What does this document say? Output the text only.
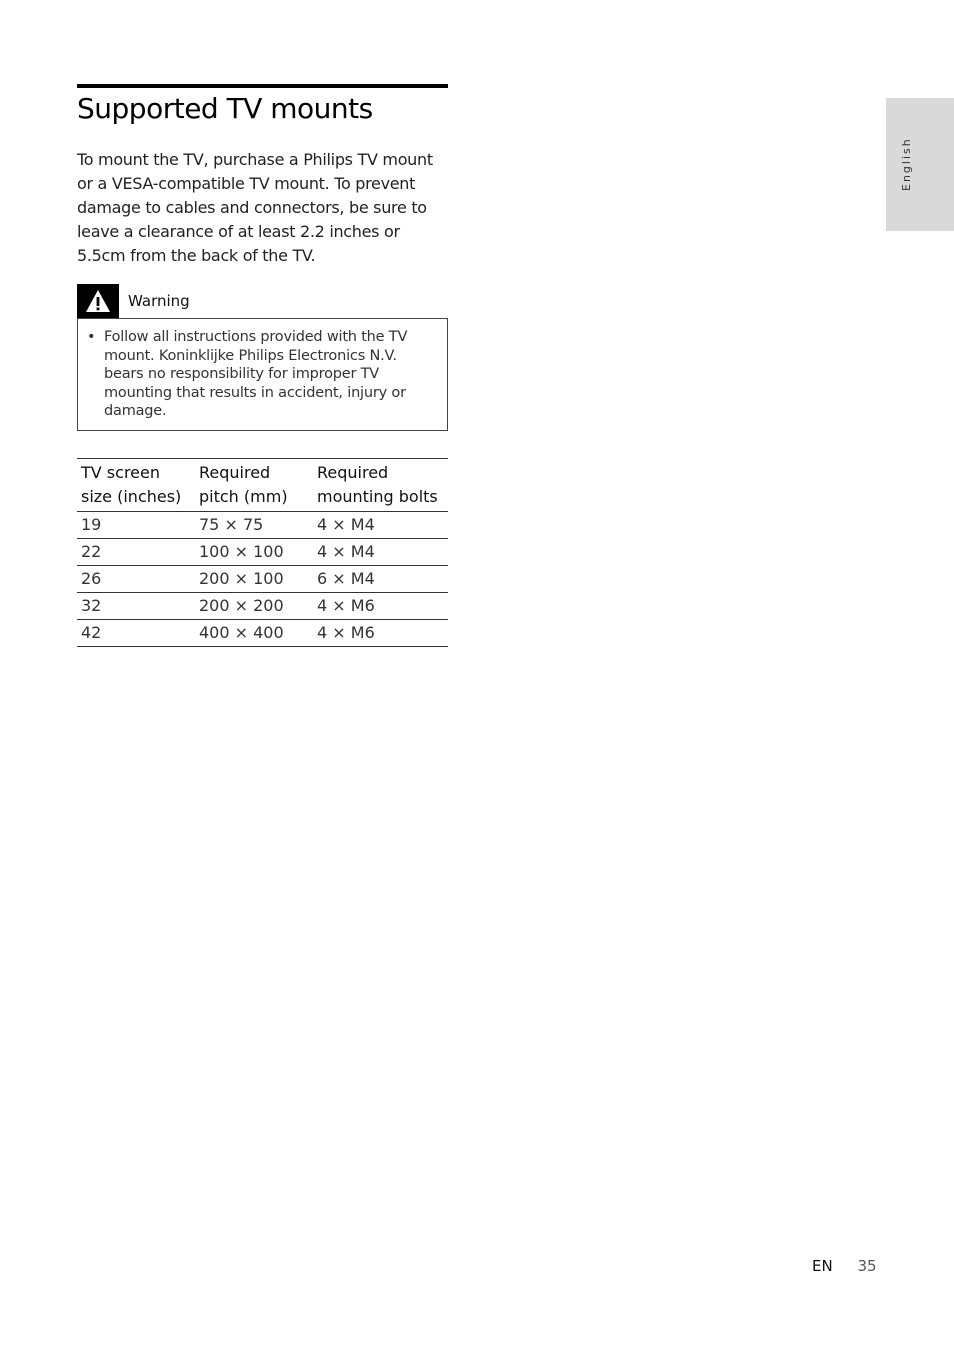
Supported TV mounts

To mount the TV, purchase a Philips TV mount or a VESA-compatible TV mount. To prevent damage to cables and connectors, be sure to leave a clearance of at least 2.2 inches or 5.5cm from the back of the TV.

Warning
• Follow all instructions provided with the TV mount. Koninklijke Philips Electronics N.V. bears no responsibility for improper TV mounting that results in accident, injury or damage.
TV screen size (inches)	Required pitch (mm)	Required mounting bolts
19	75 × 75	4 × M4
22	100 × 100	4 × M4
26	200 × 100	6 × M4
32	200 × 200	4 × M6
42	400 × 400	4 × M6
English
EN 35
